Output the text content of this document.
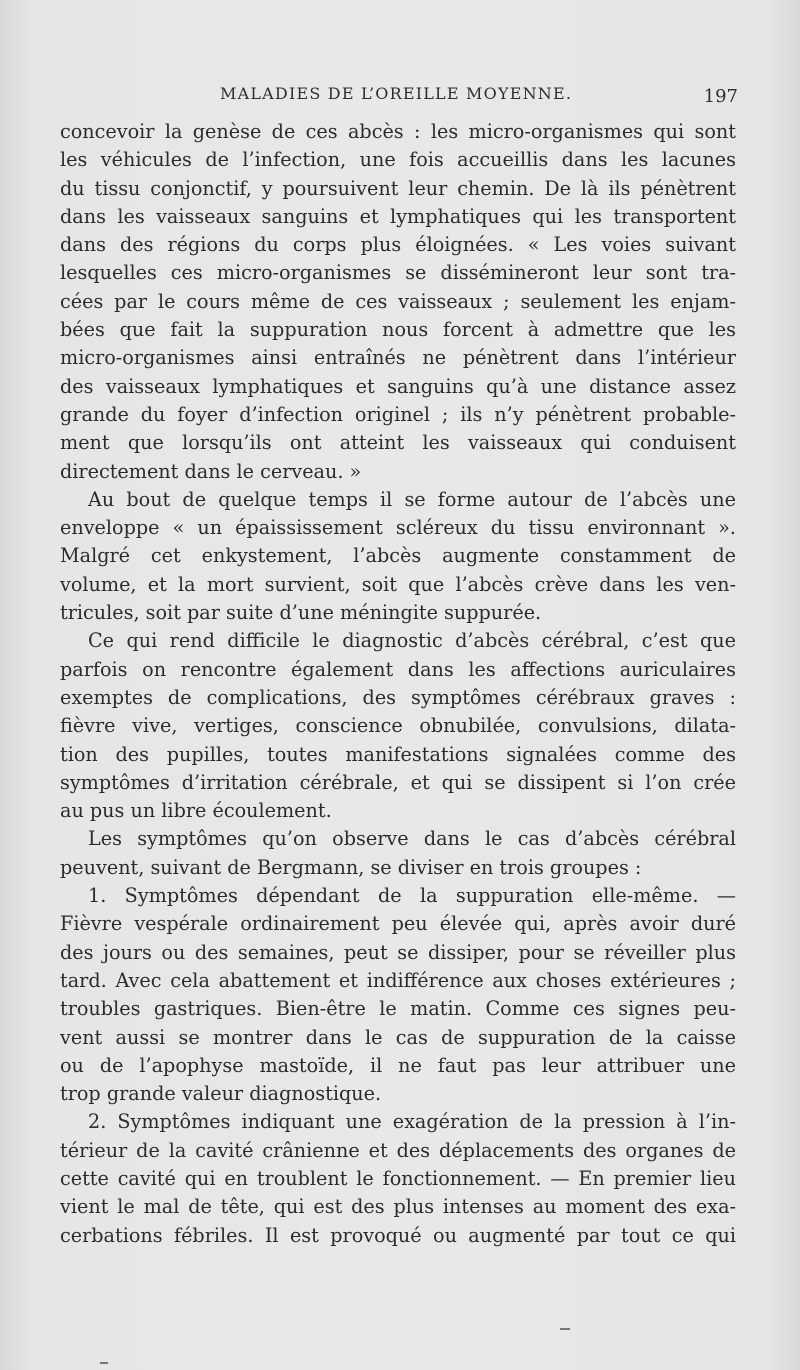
MALADIES DE L’OREILLE MOYENNE.	197
concevoir la genèse de ces abcès : les micro-organismes qui sont
les véhicules de l’infection, une fois accueillis dans les lacunes
du tissu conjonctif, y poursuivent leur chemin. De là ils pénètrent
dans les vaisseaux sanguins et lymphatiques qui les transportent
dans des régions du corps plus éloignées. « Les voies suivant
lesquelles ces micro-organismes se dissémineront leur sont tra-
cées par le cours même de ces vaisseaux ; seulement les enjam-
bées que fait la suppuration nous forcent à admettre que les
micro-organismes ainsi entraînés ne pénètrent dans l’intérieur
des vaisseaux lymphatiques et sanguins qu’à une distance assez
grande du foyer d’infection originel ; ils n’y pénètrent probable-
ment que lorsqu’ils ont atteint les vaisseaux qui conduisent
directement dans le cerveau. »
Au bout de quelque temps il se forme autour de l’abcès une
enveloppe « un épaississement scléreux du tissu environnant ».
Malgré cet enkystement, l’abcès augmente constamment de
volume, et la mort survient, soit que l’abcès crève dans les ven-
tricules, soit par suite d’une méningite suppurée.
Ce qui rend difficile le diagnostic d’abcès cérébral, c’est que
parfois on rencontre également dans les affections auriculaires
exemptes de complications, des symptômes cérébraux graves :
fièvre vive, vertiges, conscience obnubilée, convulsions, dilata-
tion des pupilles, toutes manifestations signalées comme des
symptômes d’irritation cérébrale, et qui se dissipent si l’on crée
au pus un libre écoulement.
Les symptômes qu’on observe dans le cas d’abcès cérébral
peuvent, suivant de Bergmann, se diviser en trois groupes :
1. Symptômes dépendant de la suppuration elle-même. —
Fièvre vespérale ordinairement peu élevée qui, après avoir duré
des jours ou des semaines, peut se dissiper, pour se réveiller plus
tard. Avec cela abattement et indifférence aux choses extérieures ;
troubles gastriques. Bien-être le matin. Comme ces signes peu-
vent aussi se montrer dans le cas de suppuration de la caisse
ou de l’apophyse mastoïde, il ne faut pas leur attribuer une
trop grande valeur diagnostique.
2. Symptômes indiquant une exagération de la pression à l’in-
térieur de la cavité crânienne et des déplacements des organes de
cette cavité qui en troublent le fonctionnement. — En premier lieu
vient le mal de tête, qui est des plus intenses au moment des exa-
cerbations fébriles. Il est provoqué ou augmenté par tout ce qui
